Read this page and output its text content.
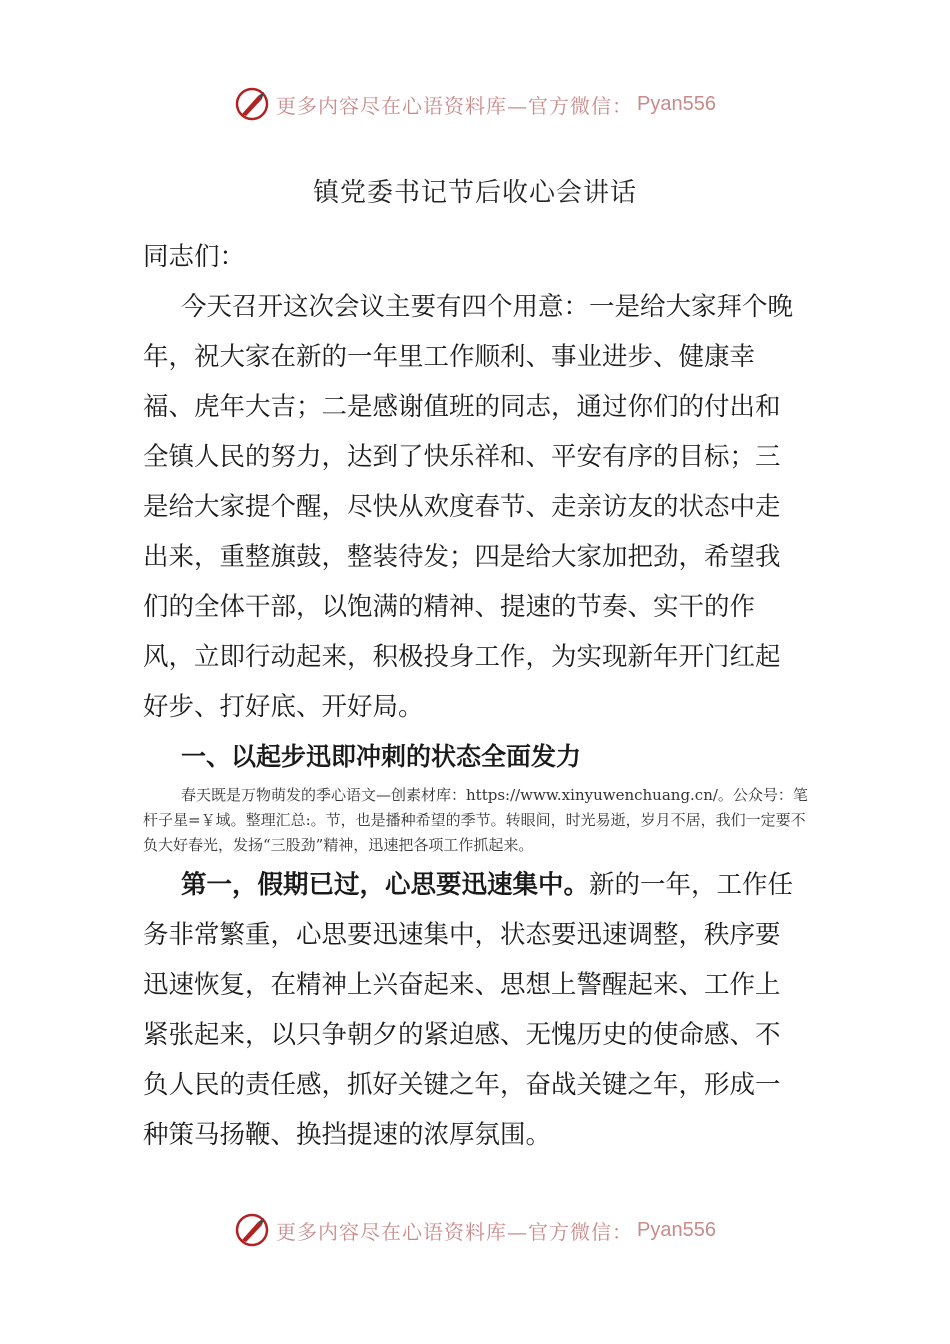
更多内容尽在心语资料库—官方微信： Pyan556
镇党委书记节后收心会讲话

同志们：

今天召开这次会议主要有四个用意：一是给大家拜个晚年，祝大家在新的一年里工作顺利、事业进步、健康幸福、虎年大吉；二是感谢值班的同志，通过你们的付出和全镇人民的努力，达到了快乐祥和、平安有序的目标；三是给大家提个醒，尽快从欢度春节、走亲访友的状态中走出来，重整旗鼓，整装待发；四是给大家加把劲，希望我们的全体干部，以饱满的精神、提速的节奏、实干的作风，立即行动起来，积极投身工作，为实现新年开门红起好步、打好底、开好局。

一、以起步迅即冲刺的状态全面发力

春天既是万物萌发的季心语文—创素材库：https://www.xinyuwenchuang.cn/。公众号：笔杆子星=￥域。整理汇总:。节，也是播种希望的季节。转眼间，时光易逝，岁月不居，我们一定要不负大好春光，发扬“三股劲”精神，迅速把各项工作抓起来。

第一，假期已过，心思要迅速集中。新的一年，工作任务非常繁重，心思要迅速集中，状态要迅速调整，秩序要迅速恢复，在精神上兴奋起来、思想上警醒起来、工作上紧张起来，以只争朝夕的紧迫感、无愧历史的使命感、不负人民的责任感，抓好关键之年，奋战关键之年，形成一种策马扬鞭、换挡提速的浓厚氛围。

更多内容尽在心语资料库—官方微信： Pyan556
